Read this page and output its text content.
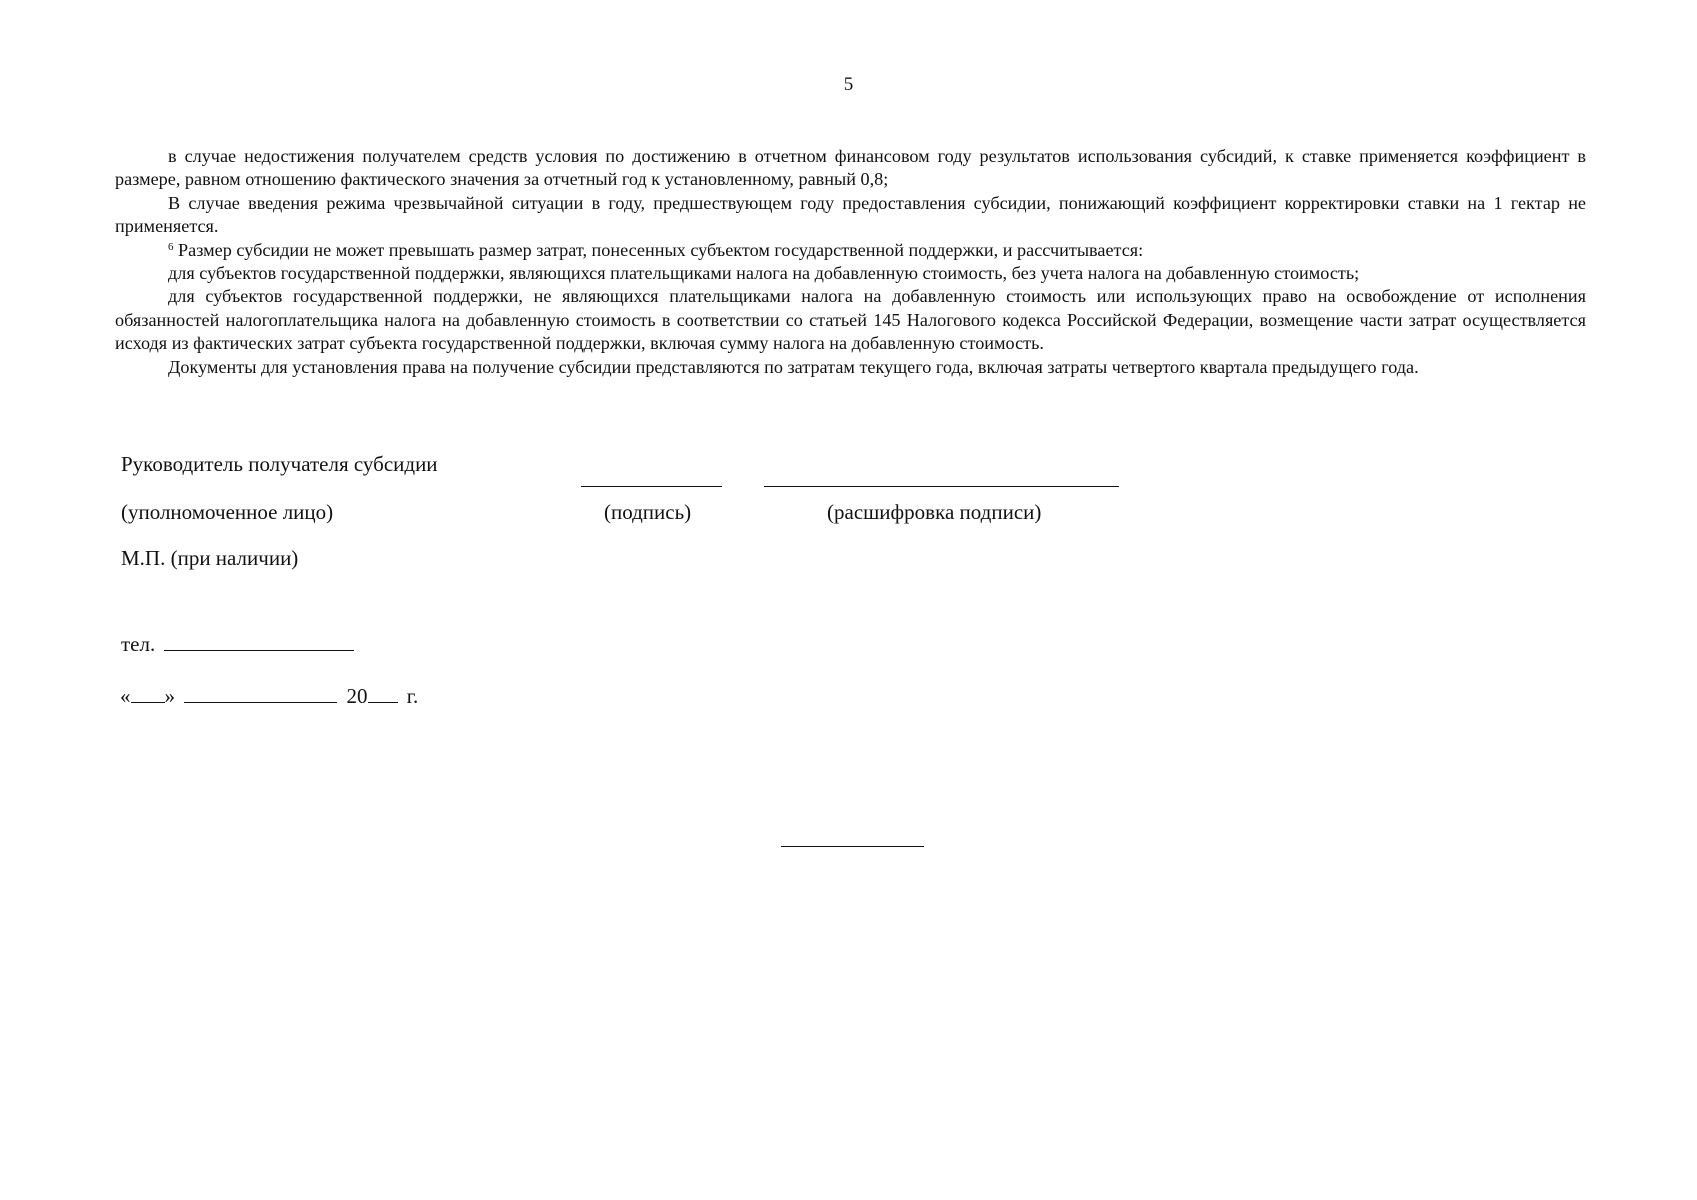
5

в случае недостижения получателем средств условия по достижению в отчетном финансовом году результатов использования субсидий, к ставке применяется коэффициент в размере, равном отношению фактического значения за отчетный год к установленному, равный 0,8;

В случае введения режима чрезвычайной ситуации в году, предшествующем году предоставления субсидии, понижающий коэффициент корректировки ставки на 1 гектар не применяется.

$^6$ Размер субсидии не может превышать размер затрат, понесенных субъектом государственной поддержки, и рассчитывается:

для субъектов государственной поддержки, являющихся плательщиками налога на добавленную стоимость, без учета налога на добавленную стоимость;

для субъектов государственной поддержки, не являющихся плательщиками налога на добавленную стоимость или использующих право на освобождение от исполнения обязанностей налогоплательщика налога на добавленную стоимость в соответствии со статьей 145 Налогового кодекса Российской Федерации, возмещение части затрат осуществляется исходя из фактических затрат субъекта государственной поддержки, включая сумму налога на добавленную стоимость.

Документы для установления права на получение субсидии представляются по затратам текущего года, включая затраты четвертого квартала предыдущего года.

Руководитель получателя субсидии
(уполномоченное лицо)	(подпись)	(расшифровка подписи)
М.П. (при наличии)
тел.
« »	20 г.
